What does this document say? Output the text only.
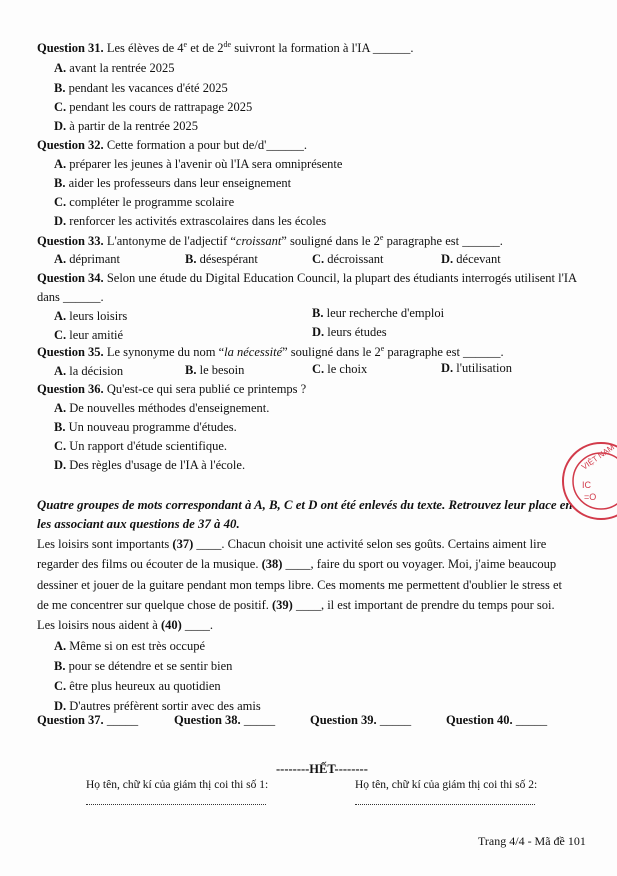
Question 31. Les élèves de 4e et de 2de suivront la formation à l'IA ______.
A. avant la rentrée 2025
B. pendant les vacances d'été 2025
C. pendant les cours de rattrapage 2025
D. à partir de la rentrée 2025
Question 32. Cette formation a pour but de/d'______.
A. préparer les jeunes à l'avenir où l'IA sera omniprésente
B. aider les professeurs dans leur enseignement
C. compléter le programme scolaire
D. renforcer les activités extrascolaires dans les écoles
Question 33. L'antonyme de l'adjectif “croissant” souligné dans le 2e paragraphe est ______.
A. déprimant	B. désespérant	C. décroissant	D. décevant
Question 34. Selon une étude du Digital Education Council, la plupart des étudiants interrogés utilisent l'IA
dans ______.
A. leurs loisirs	B. leur recherche d'emploi
C. leur amitié	D. leurs études
Question 35. Le synonyme du nom “la nécessité” souligné dans le 2e paragraphe est ______.
A. la décision	B. le besoin	C. le choix	D. l'utilisation
Question 36. Qu'est-ce qui sera publié ce printemps ?
A. De nouvelles méthodes d'enseignement.
B. Un nouveau programme d'études.
C. Un rapport d'étude scientifique.
D. Des règles d'usage de l'IA à l'école.
Quatre groupes de mots correspondant à A, B, C et D ont été enlevés du texte. Retrouvez leur place en
les associant aux questions de 37 à 40.
Les loisirs sont importants (37) ____. Chacun choisit une activité selon ses goûts. Certains aiment lire
regarder des films ou écouter de la musique. (38) ____, faire du sport ou voyager. Moi, j'aime beaucoup
dessiner et jouer de la guitare pendant mon temps libre. Ces moments me permettent d'oublier le stress et
de me concentrer sur quelque chose de positif. (39) ____, il est important de prendre du temps pour soi.
Les loisirs nous aident à (40) ____.
A. Même si on est très occupé
B. pour se détendre et se sentir bien
C. être plus heureux au quotidien
D. D'autres préfèrent sortir avec des amis
Question 37. _____	Question 38. _____	Question 39. _____	Question 40. _____
--------HẾT--------
Họ tên, chữ kí của giám thị coi thi số 1:	Họ tên, chữ kí của giám thị coi thi số 2:
Trang 4/4 - Mã đề 101
VIỆT NAM
IC
=O
